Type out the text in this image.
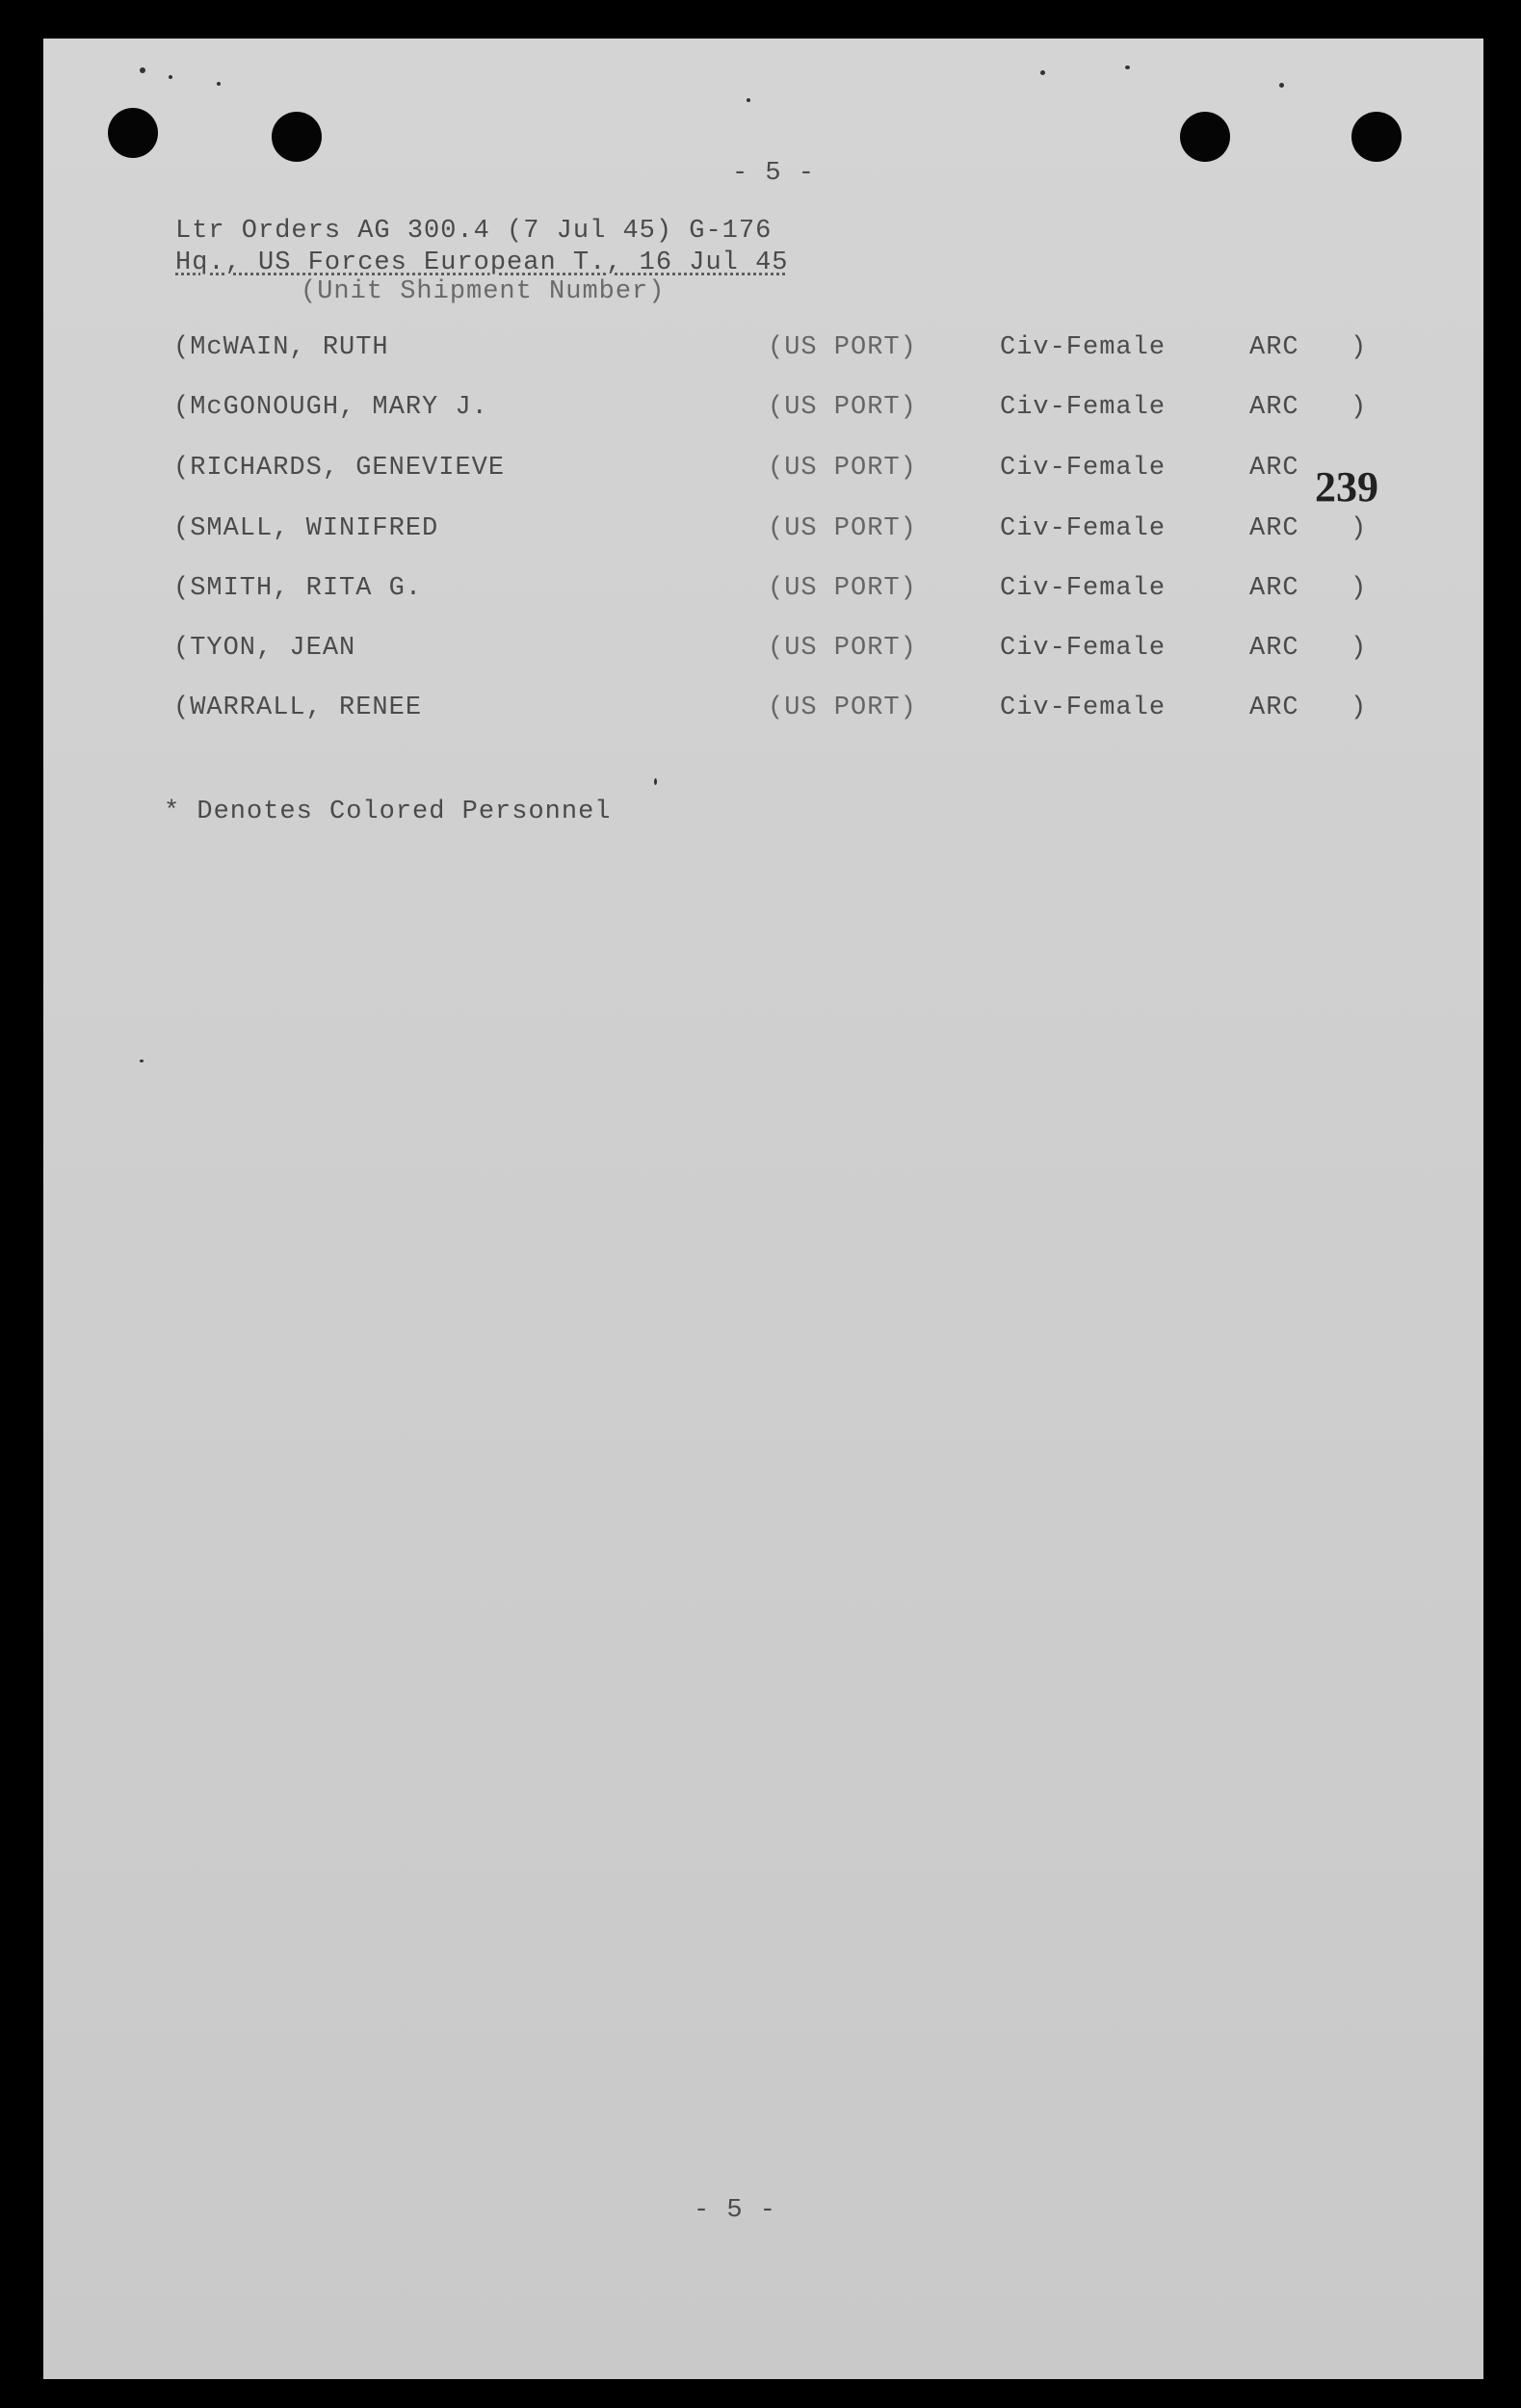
- 5 -
Ltr Orders AG 300.4 (7 Jul 45) G-176
Hq., US Forces European T., 16 Jul 45
(Unit Shipment Number)
(McWAIN, RUTH	(US PORT)	Civ-Female	ARC )
(McGONOUGH, MARY J.	(US PORT)	Civ-Female	ARC )
(RICHARDS, GENEVIEVE	(US PORT)	Civ-Female	ARC
(SMALL, WINIFRED	(US PORT)	Civ-Female	ARC )
(SMITH, RITA G.	(US PORT)	Civ-Female	ARC )
(TYON, JEAN	(US PORT)	Civ-Female	ARC )
(WARRALL, RENEE	(US PORT)	Civ-Female	ARC )
239
* Denotes Colored Personnel
- 5 -
